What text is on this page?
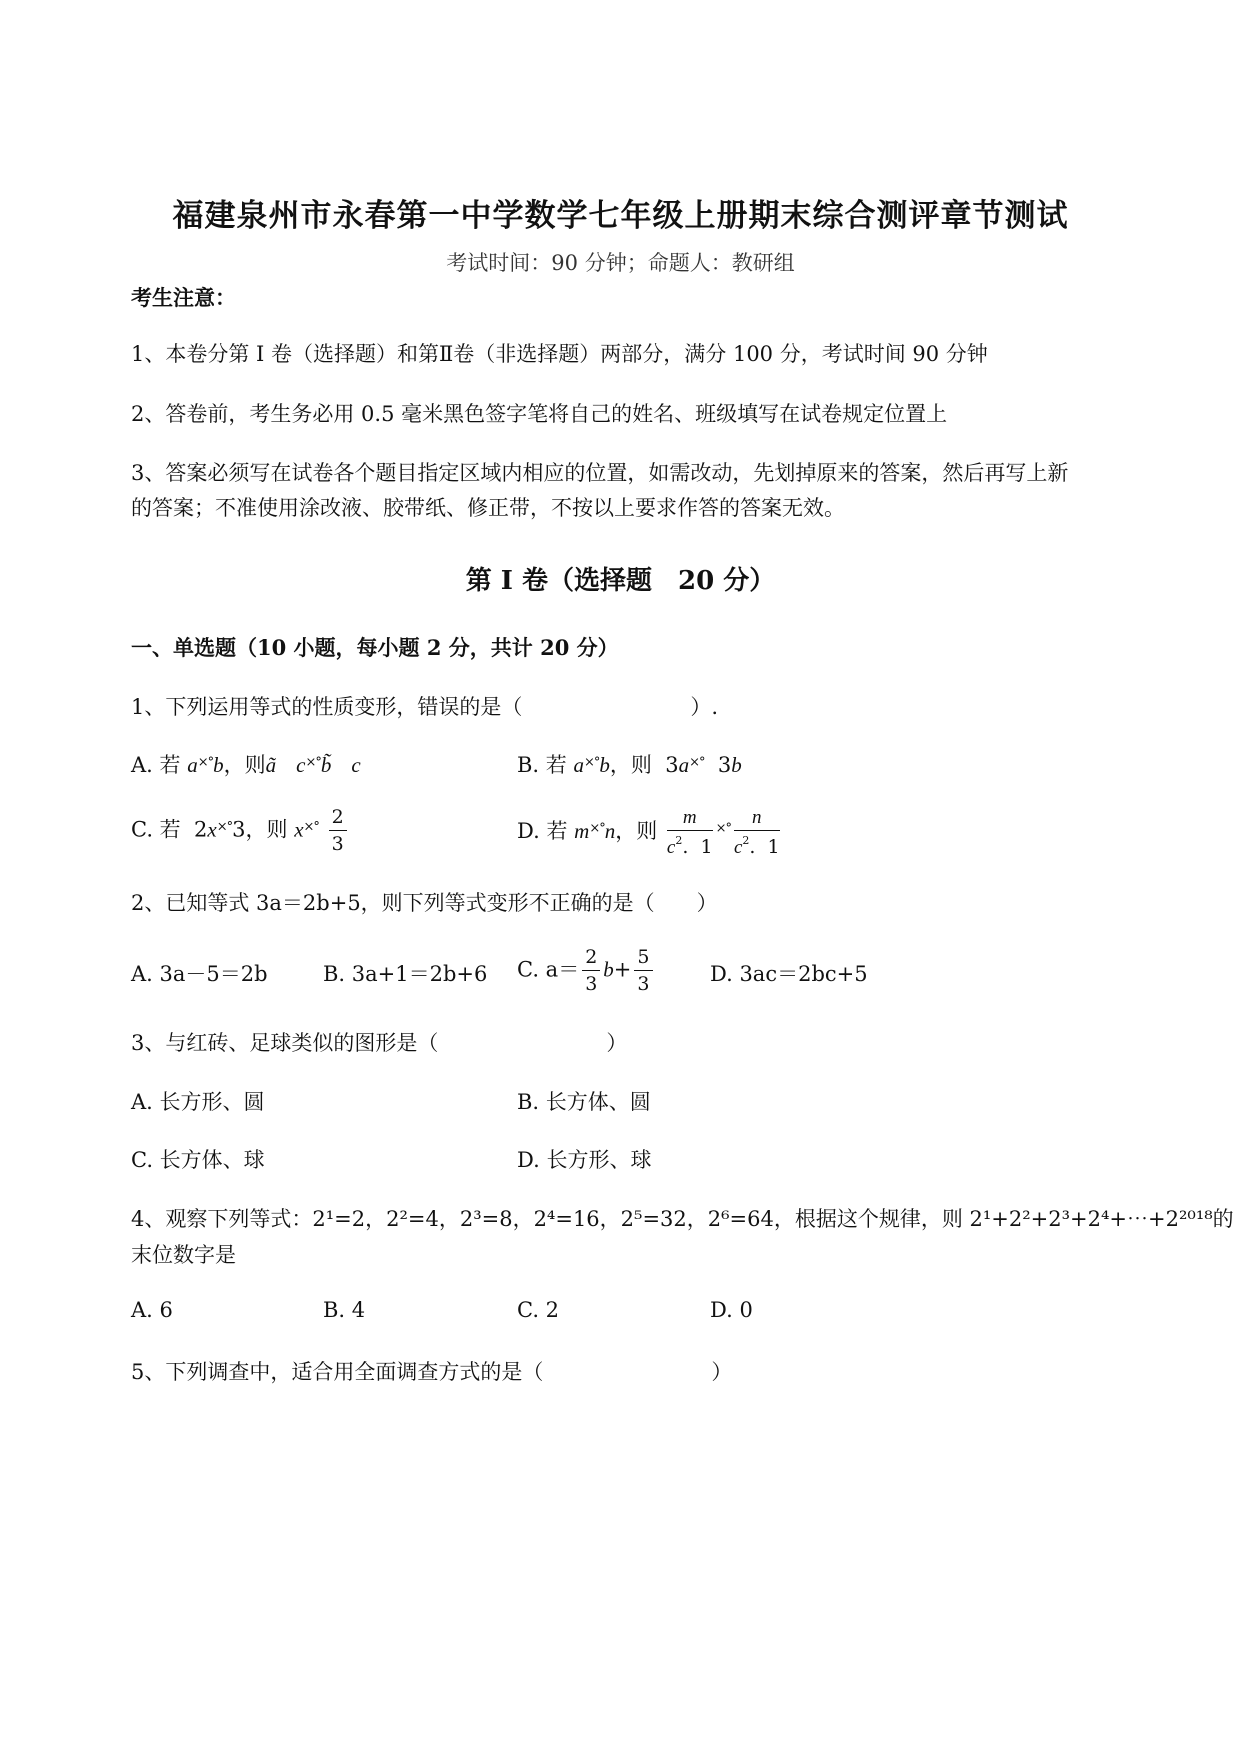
福建泉州市永春第一中学数学七年级上册期末综合测评章节测试
考试时间：90 分钟；命题人：教研组
考生注意：
1、本卷分第 I 卷（选择题）和第Ⅱ卷（非选择题）两部分，满分 100 分，考试时间 90 分钟
2、答卷前，考生务必用 0.5 毫米黑色签字笔将自己的姓名、班级填写在试卷规定位置上
3、答案必须写在试卷各个题目指定区域内相应的位置，如需改动，先划掉原来的答案，然后再写上新
的答案；不准使用涂改液、胶带纸、修正带，不按以上要求作答的答案无效。
第 I 卷（选择题　20 分）
一、单选题（10 小题，每小题 2 分，共计 20 分）
1、下列运用等式的性质变形，错误的是（　　　　　　　　）.
A. 若 a×°b，则ã c×°b̃ c	B. 若 a×°b，则  3a×°  3b
C. 若  2x×°3，则 $x^{\times^\circ} \frac{2}{3}$	D. 若 m×°n，则 $\frac{m}{c^2. 1} ^{\times^\circ} \frac{n}{c^2. 1}$
2、已知等式 3a＝2b+5，则下列等式变形不正确的是（　　）
A. 3a－5＝2b	B. 3a+1＝2b+6 C. $a= \frac{2}{3} b+ \frac{5}{3}$	D. 3ac＝2bc+5
3、与红砖、足球类似的图形是（　　　　　　　　）
A. 长方形、圆	B. 长方体、圆
C. 长方体、球	D. 长方形、球
4、观察下列等式：2¹=2，2²=4，2³=8，2⁴=16，2⁵=32，2⁶=64，根据这个规律，则 2¹+2²+2³+2⁴+⋯+2²⁰¹⁸的
末位数字是
A. 6	B. 4	C. 2	D. 0
5、下列调查中，适合用全面调查方式的是（　　　　　　　　）
